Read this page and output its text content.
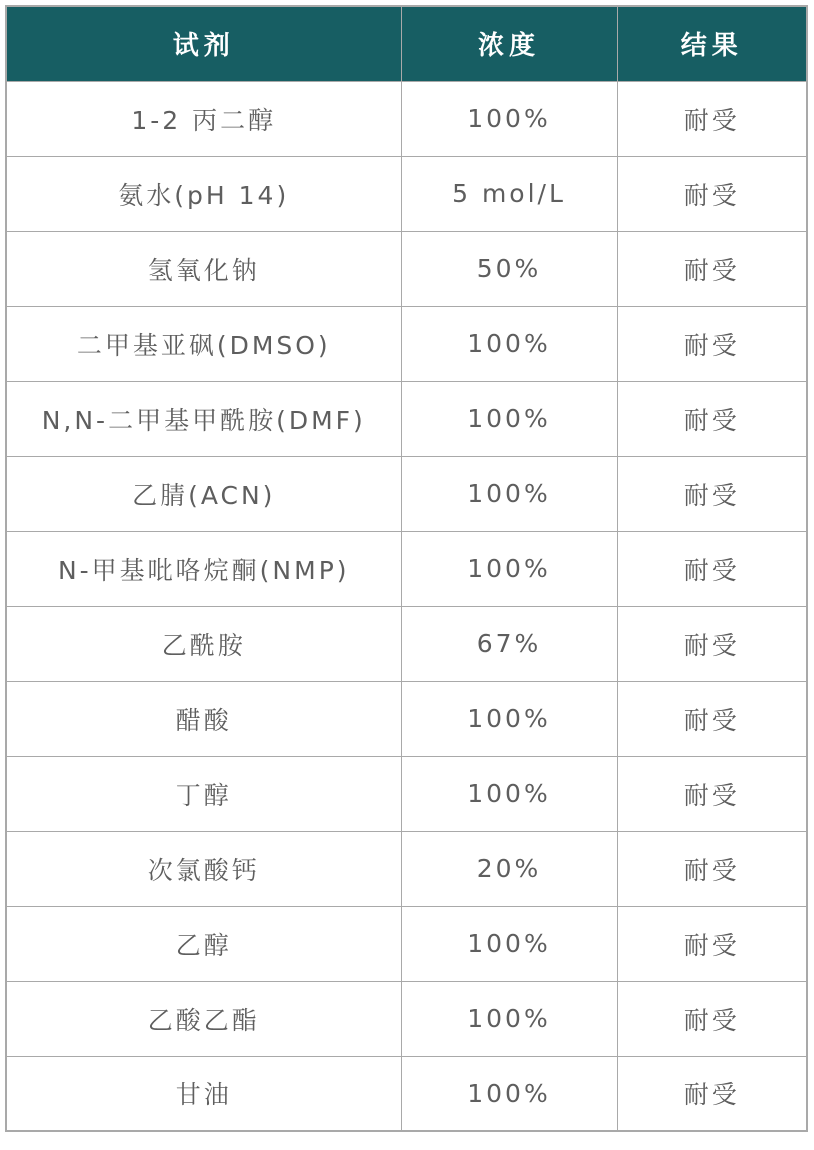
试剂	浓度	结果
1-2 丙二醇	100%	耐受
氨水(pH 14)	5 mol/L	耐受
氢氧化钠	50%	耐受
二甲基亚砜(DMSO)	100%	耐受
N,N-二甲基甲酰胺(DMF)	100%	耐受
乙腈(ACN)	100%	耐受
N-甲基吡咯烷酮(NMP)	100%	耐受
乙酰胺	67%	耐受
醋酸	100%	耐受
丁醇	100%	耐受
次氯酸钙	20%	耐受
乙醇	100%	耐受
乙酸乙酯	100%	耐受
甘油	100%	耐受
